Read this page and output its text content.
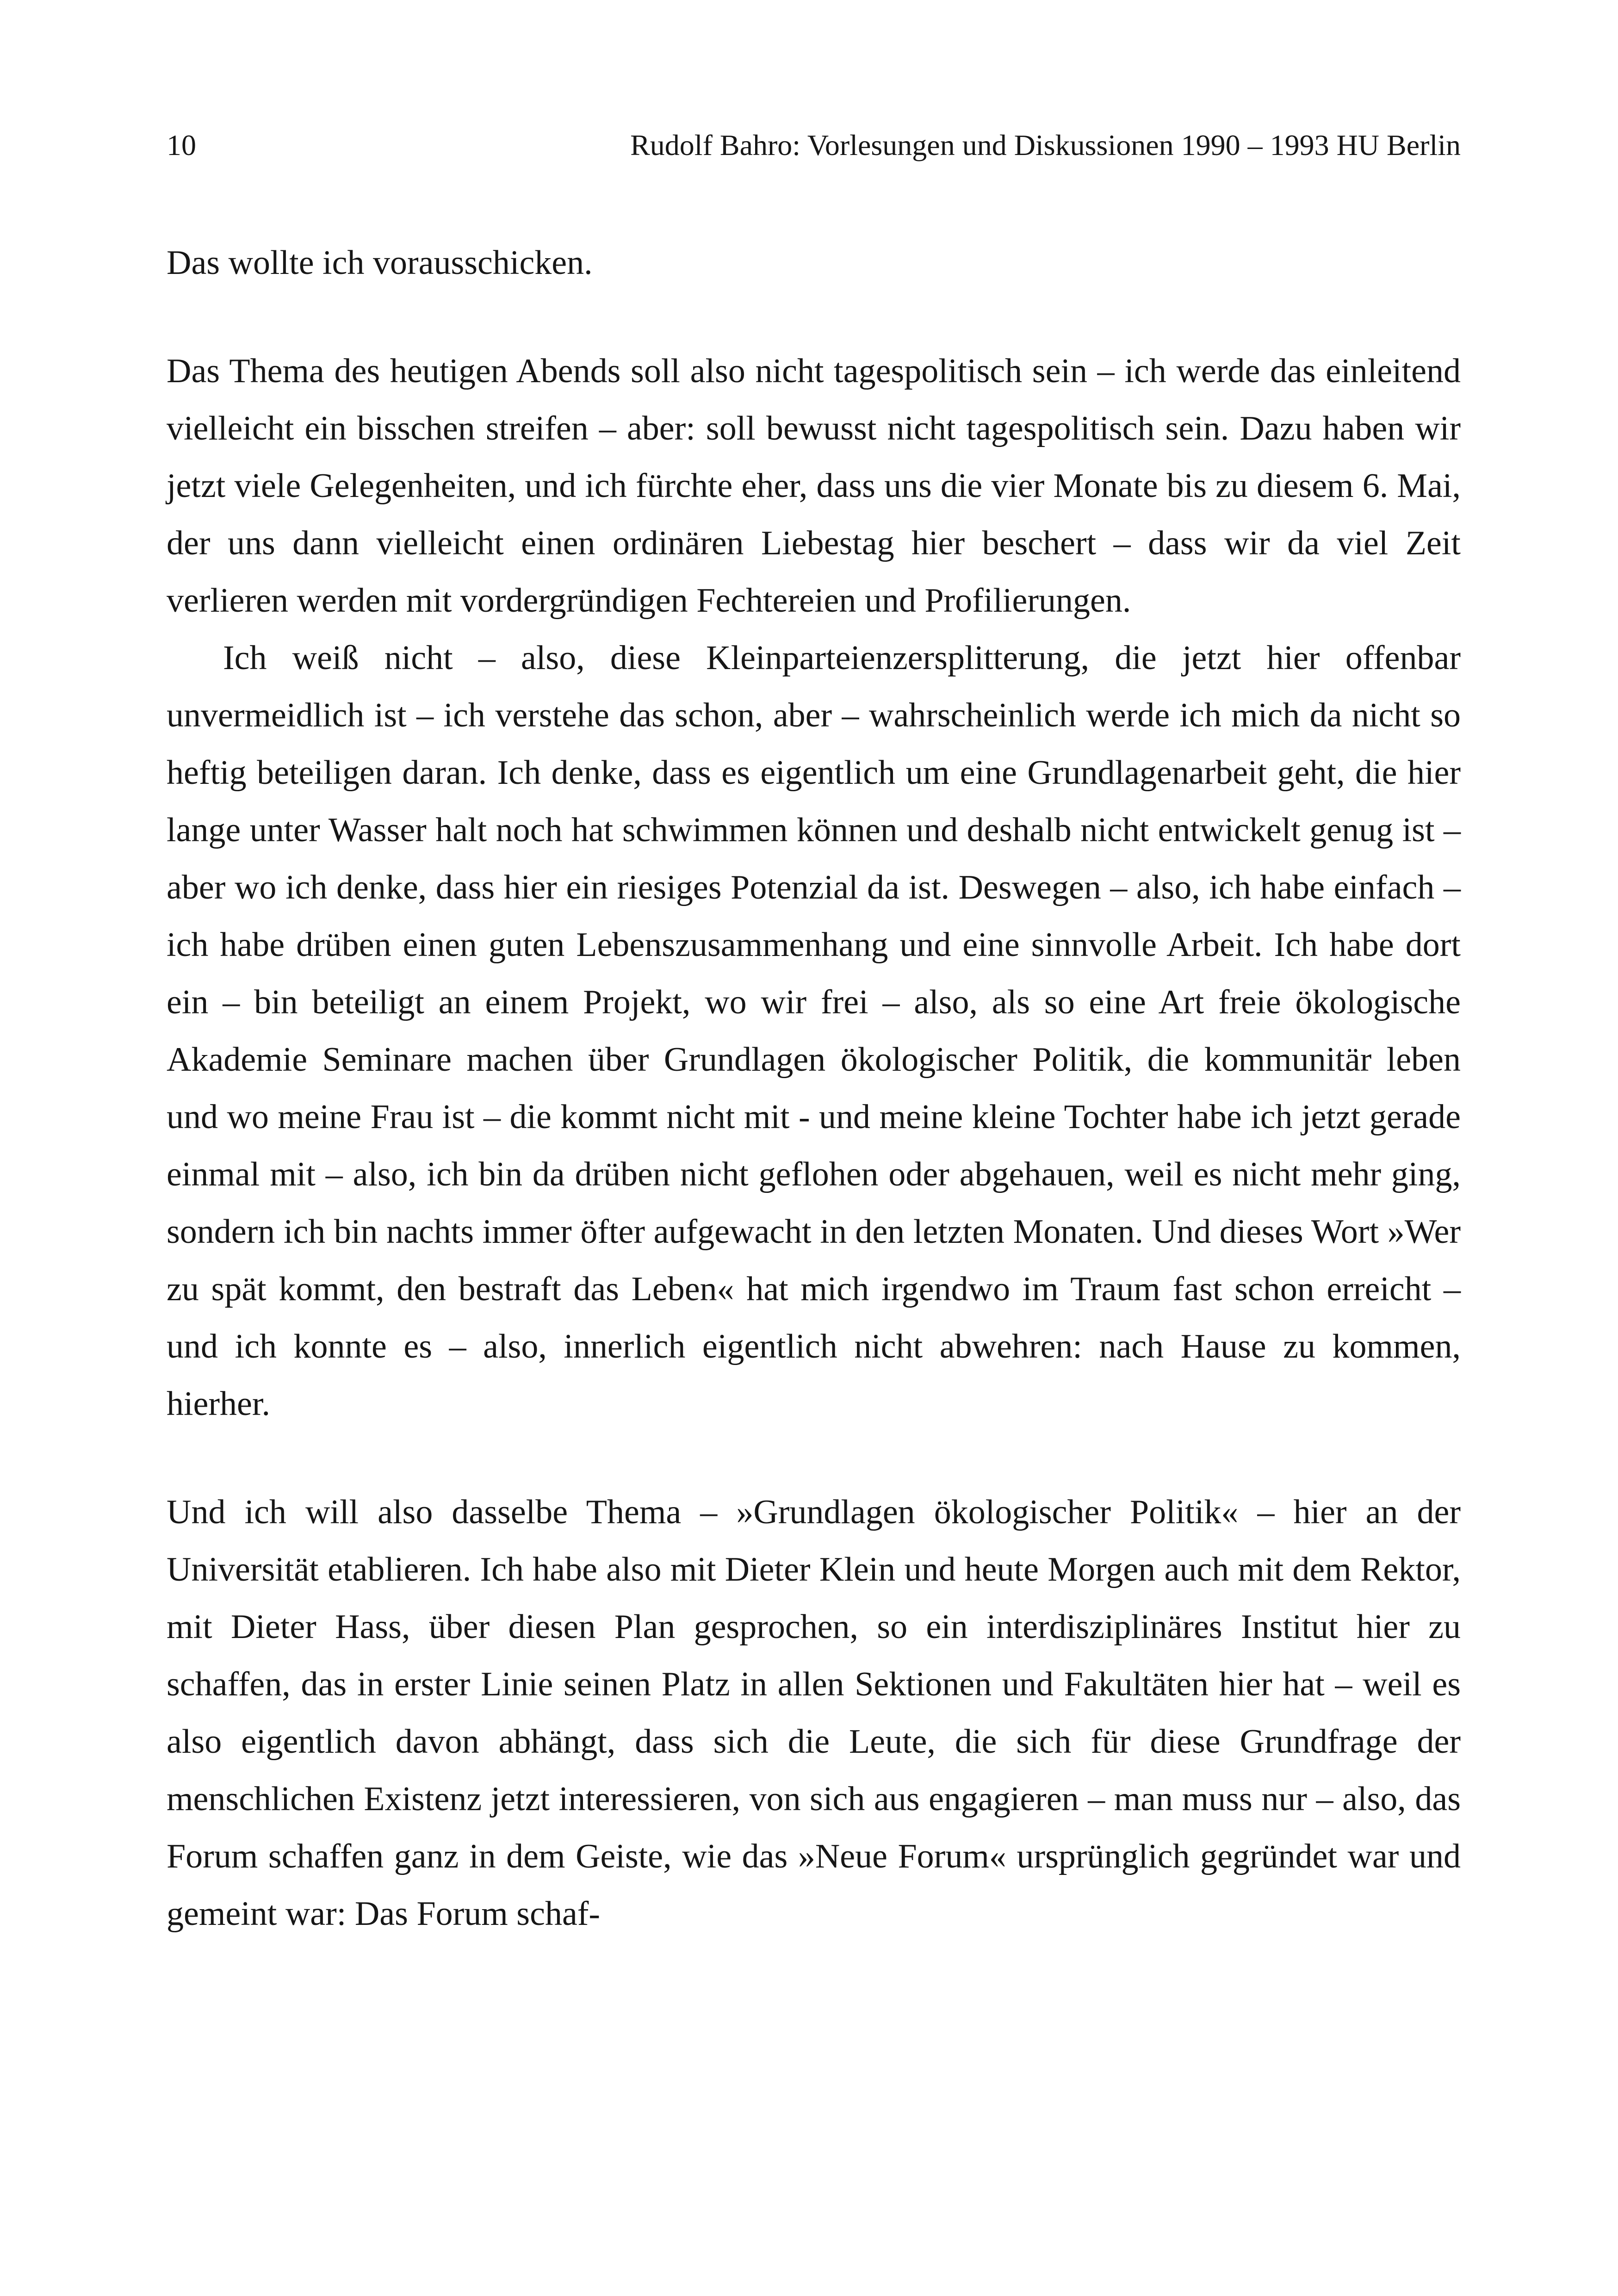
10	Rudolf Bahro: Vorlesungen und Diskussionen 1990 – 1993 HU Berlin

Das wollte ich vorausschicken.

Das Thema des heutigen Abends soll also nicht tagespolitisch sein – ich werde das einleitend vielleicht ein bisschen streifen – aber: soll bewusst nicht tagespolitisch sein. Dazu haben wir jetzt viele Gelegenheiten, und ich fürchte eher, dass uns die vier Monate bis zu diesem 6. Mai, der uns dann vielleicht einen ordinären Liebestag hier beschert – dass wir da viel Zeit verlieren werden mit vordergründigen Fechtereien und Profilierungen.

Ich weiß nicht – also, diese Kleinparteienzersplitterung, die jetzt hier offenbar unvermeidlich ist – ich verstehe das schon, aber – wahrscheinlich werde ich mich da nicht so heftig beteiligen daran. Ich denke, dass es eigentlich um eine Grundlagenarbeit geht, die hier lange unter Wasser halt noch hat schwimmen können und deshalb nicht entwickelt genug ist – aber wo ich denke, dass hier ein riesiges Potenzial da ist. Deswegen – also, ich habe einfach – ich habe drüben einen guten Lebenszusammenhang und eine sinnvolle Arbeit. Ich habe dort ein – bin beteiligt an einem Projekt, wo wir frei – also, als so eine Art freie ökologische Akademie Seminare machen über Grundlagen ökologischer Politik, die kommunitär leben und wo meine Frau ist – die kommt nicht mit - und meine kleine Tochter habe ich jetzt gerade einmal mit – also, ich bin da drüben nicht geflohen oder abgehauen, weil es nicht mehr ging, sondern ich bin nachts immer öfter aufgewacht in den letzten Monaten. Und dieses Wort »Wer zu spät kommt, den bestraft das Leben« hat mich irgendwo im Traum fast schon erreicht – und ich konnte es – also, innerlich eigentlich nicht abwehren: nach Hause zu kommen, hierher.

Und ich will also dasselbe Thema – »Grundlagen ökologischer Politik« – hier an der Universität etablieren. Ich habe also mit Dieter Klein und heute Morgen auch mit dem Rektor, mit Dieter Hass, über diesen Plan gesprochen, so ein interdisziplinäres Institut hier zu schaffen, das in erster Linie seinen Platz in allen Sektionen und Fakultäten hier hat – weil es also eigentlich davon abhängt, dass sich die Leute, die sich für diese Grundfrage der menschlichen Existenz jetzt interessieren, von sich aus engagieren – man muss nur – also, das Forum schaffen ganz in dem Geiste, wie das »Neue Forum« ursprünglich gegründet war und gemeint war: Das Forum schaf-
